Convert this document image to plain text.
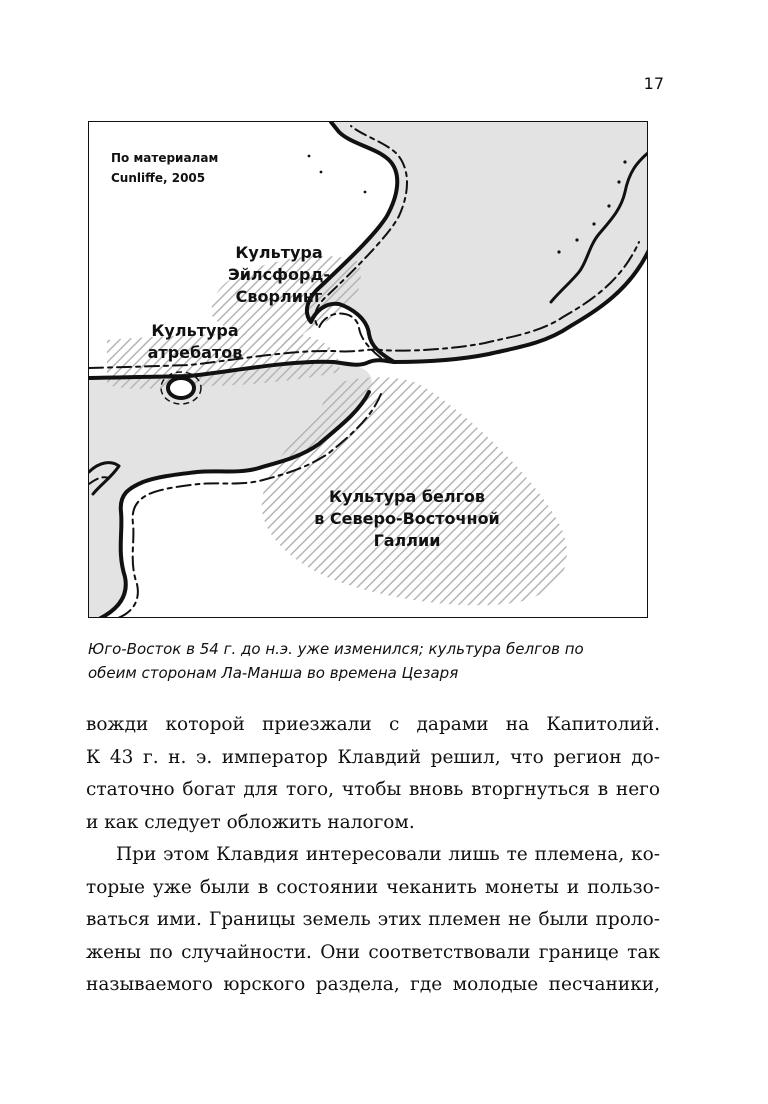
17
По материалам
Cunliffe, 2005
Культура
Эйлсфорд-
Сворлинг
Культура
атребатов
Культура белгов
в Северо-Восточной
Галлии
Юго-Восток в 54 г. до н.э. уже изменился; культура белгов по
обеим сторонам Ла-Манша во времена Цезаря
вожди которой приезжали с дарами на Капитолий.
К 43 г. н. э. император Клавдий решил, что регион до-
статочно богат для того, чтобы вновь вторгнуться в него
и как следует обложить налогом.
При этом Клавдия интересовали лишь те племена, ко-
торые уже были в состоянии чеканить монеты и пользо-
ваться ими. Границы земель этих племен не были проло-
жены по случайности. Они соответствовали границе так
называемого юрского раздела, где молодые песчаники,
